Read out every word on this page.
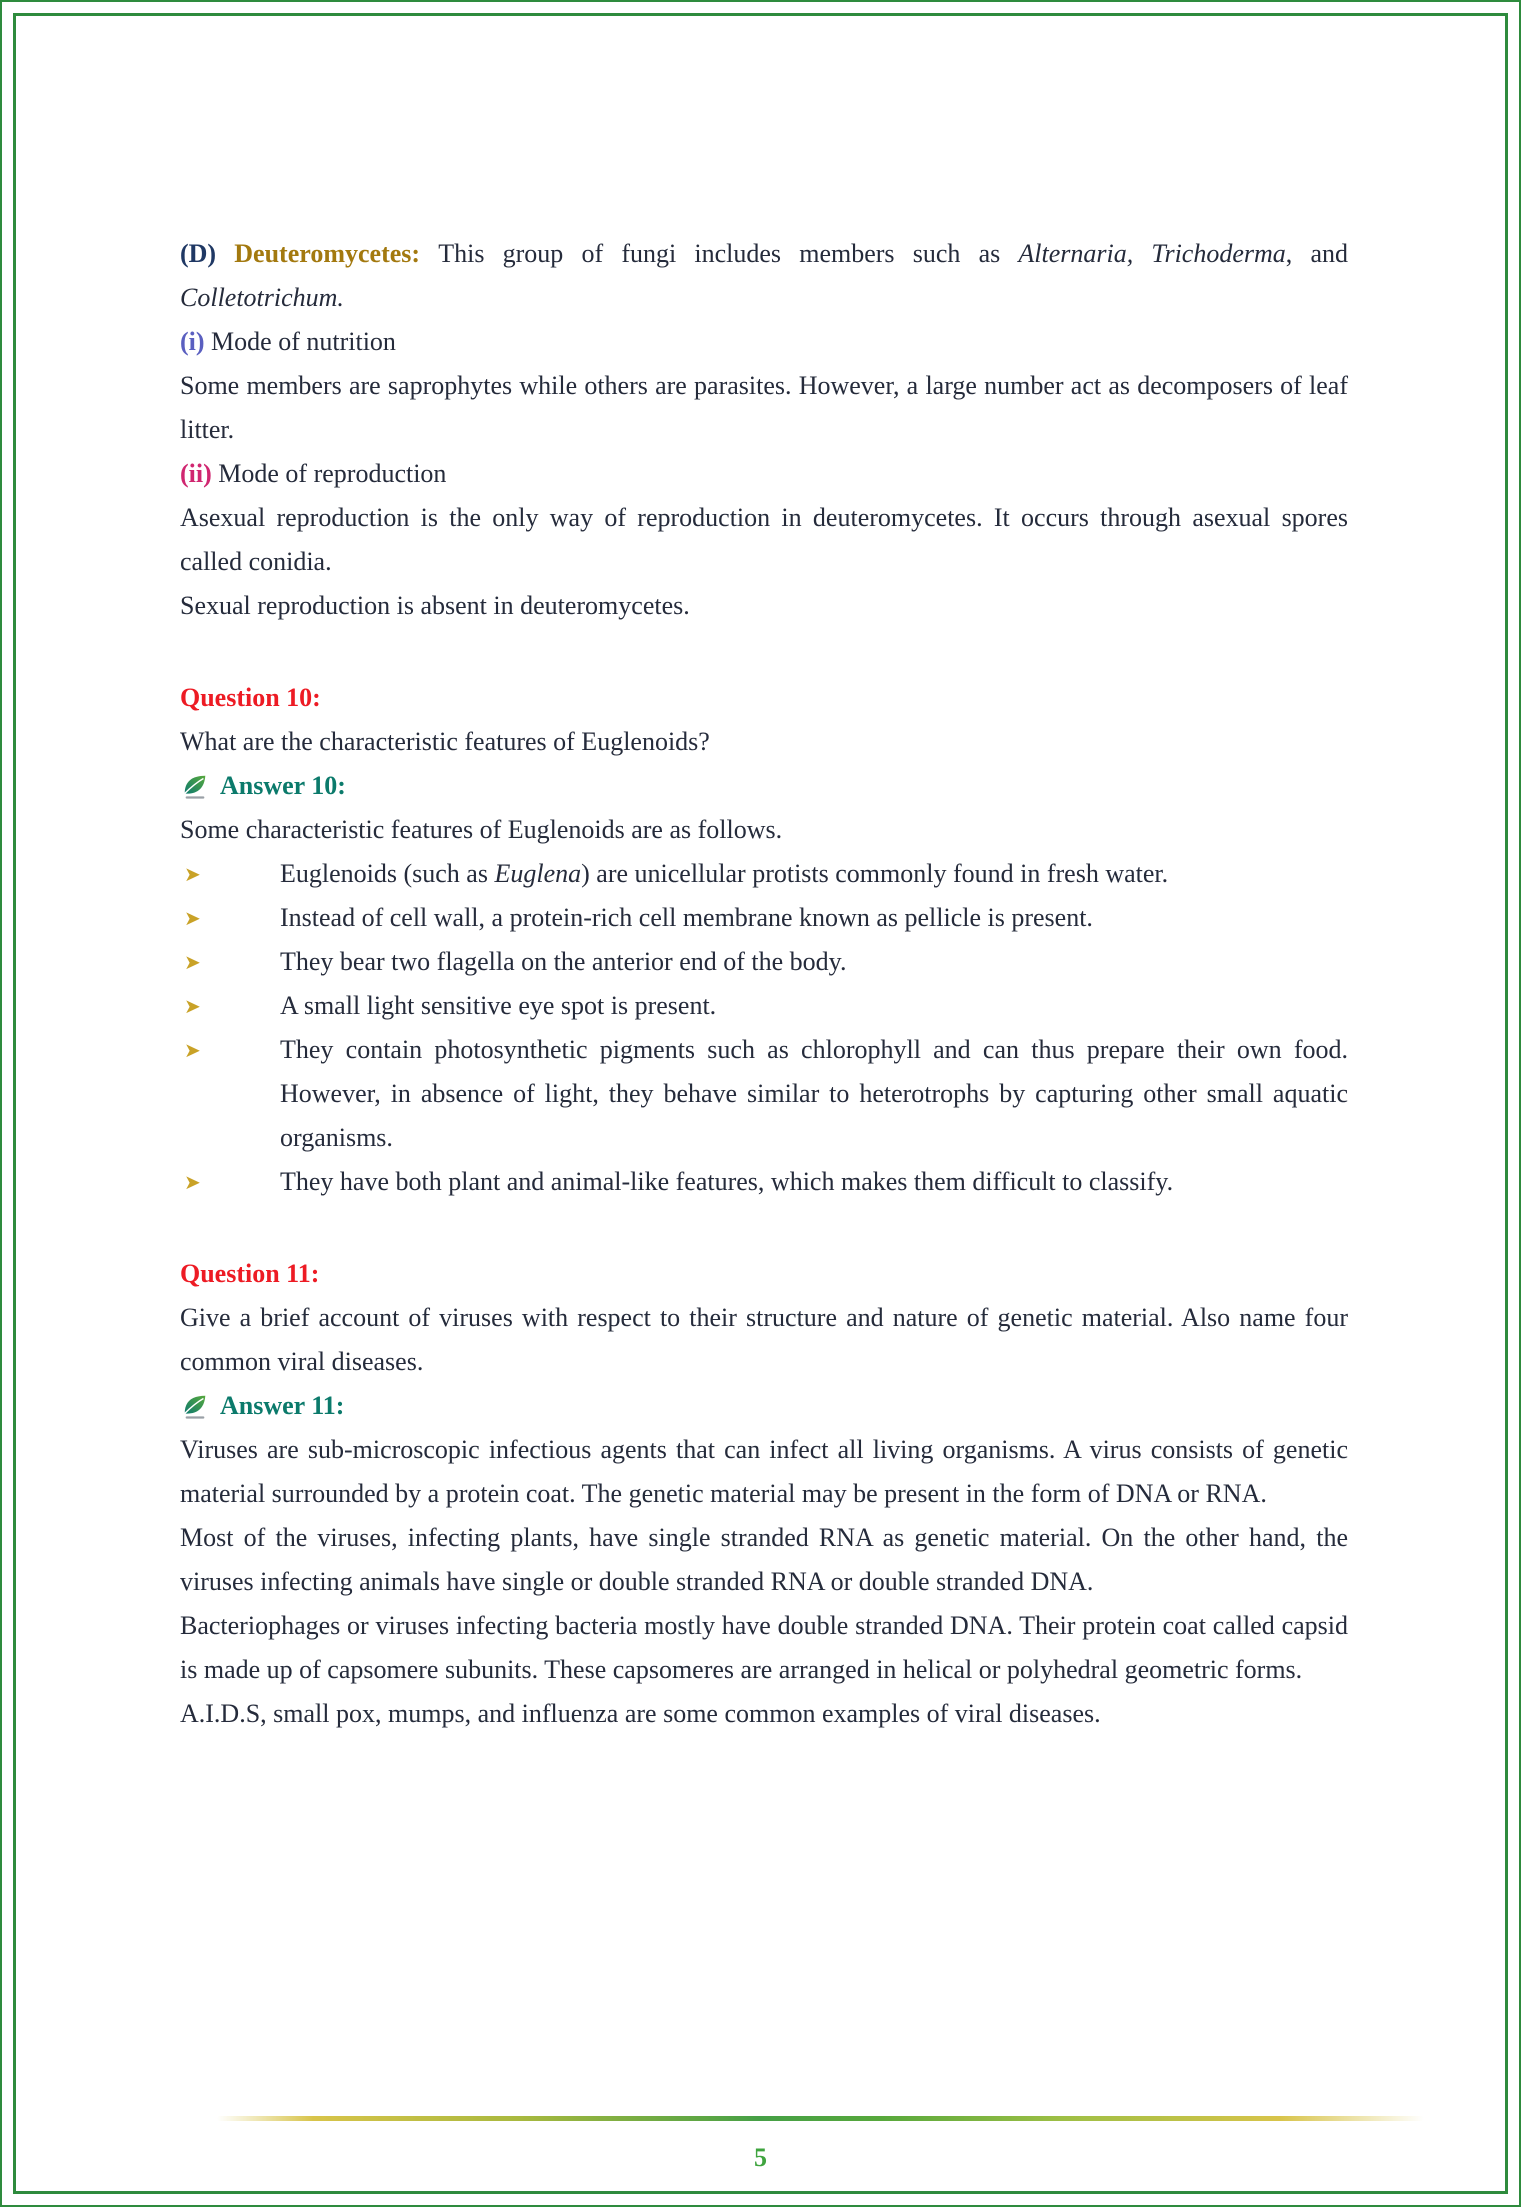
(D) Deuteromycetes: This group of fungi includes members such as Alternaria, Trichoderma, and Colletotrichum.

(i) Mode of nutrition

Some members are saprophytes while others are parasites. However, a large number act as decomposers of leaf litter.

(ii) Mode of reproduction

Asexual reproduction is the only way of reproduction in deuteromycetes. It occurs through asexual spores called conidia.

Sexual reproduction is absent in deuteromycetes.

Question 10:

What are the characteristic features of Euglenoids?

Answer 10:

Some characteristic features of Euglenoids are as follows.

➤	Euglenoids (such as Euglena) are unicellular protists commonly found in fresh water.
➤	Instead of cell wall, a protein-rich cell membrane known as pellicle is present.
➤	They bear two flagella on the anterior end of the body.
➤	A small light sensitive eye spot is present.
➤	They contain photosynthetic pigments such as chlorophyll and can thus prepare their own food. However, in absence of light, they behave similar to heterotrophs by capturing other small aquatic organisms.
➤	They have both plant and animal-like features, which makes them difficult to classify.
Question 11:

Give a brief account of viruses with respect to their structure and nature of genetic material. Also name four common viral diseases.

Answer 11:

Viruses are sub-microscopic infectious agents that can infect all living organisms. A virus consists of genetic material surrounded by a protein coat. The genetic material may be present in the form of DNA or RNA.

Most of the viruses, infecting plants, have single stranded RNA as genetic material. On the other hand, the viruses infecting animals have single or double stranded RNA or double stranded DNA.

Bacteriophages or viruses infecting bacteria mostly have double stranded DNA. Their protein coat called capsid is made up of capsomere subunits. These capsomeres are arranged in helical or polyhedral geometric forms.

A.I.D.S, small pox, mumps, and influenza are some common examples of viral diseases.

5
